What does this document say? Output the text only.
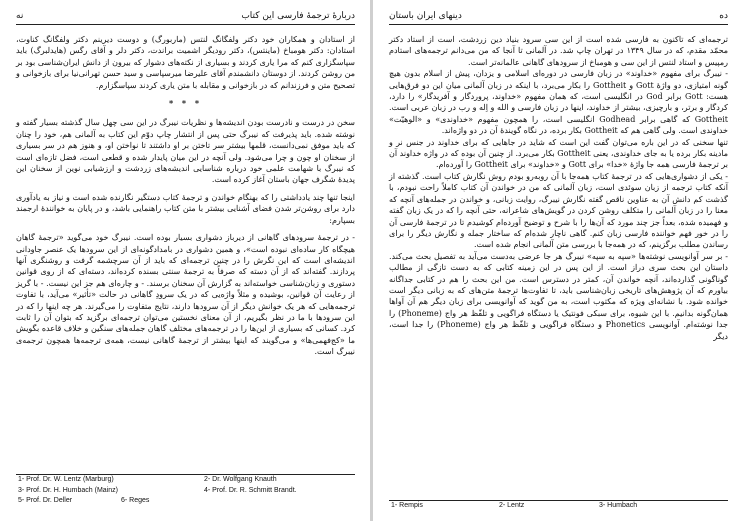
نه	دربارهٔ ترجمهٔ فارسی این کتاب

از استادان و همکاران خود دکتر ولفگانگ لنتس (ماربورگ) و دوست دیرینم دکتر ولفگانگ کناوت، استادان: دکتر هومباخ (ماینتس)، دکتر رودیگر اشمیت براندت، دکتر دلر و آقای رگس (هایدلبرگ) باید سپاسگزاری کنم که مرا یاری کردند و بسیاری از نکته‌های دشوار که بیرون از دانش ایران‌شناسی بود بر من روشن کردند. از دوستان دانشمندم آقای علیرضا میرسپاسی و سید حسن تهرانی‌نیا برای بازخوانی و تصحیح متن و فرزندانم که در بازخوانی و مقابله با متن یاری کردند سپاسگزارم.

* * *

سخن در درست و نادرست بودن اندیشه‌ها و نظریات نیبرگ در این سی چهل سال گذشته بسیار گفته و نوشته شده. باید پذیرفت که نیبرگ حتی پس از انتشار چاپ دوّم این کتاب به آلمانی هم، خود را چنان که باید موفق نمی‌دانست، قلمها بیشتر سر تاختن بر او داشتند تا نواختن او، و هنوز هم در سر بسیاری از سخنان او چون و چرا می‌شود. ولی آنچه در این میان پایدار شده و قطعی است، فضل تازه‌ای است که نیبرگ با شهامت علمی خود درباره شناسایی اندیشه‌های زردشت و ارزشیابی نوین از سخنان این پدیدهٔ شگرف جهان باستان آغاز کرده است.

اینجا تنها چند یادداشتی را که بهنگام خواندن و ترجمهٔ کتاب دستگیر نگارنده شده است و نیاز به یادآوری دارد برای روشن‌تر شدن فضای آشنایی بیشتر با متن کتاب راهنمایی باشد، و در پایان به خوانندهٔ ارجمند بسپارم:

- در ترجمهٔ سرودهای گاهانی از دیرباز دشواری بسیار بوده است. نیبرگ خود می‌گوید «ترجمهٔ گاهان هیچگاه کار ساده‌ای نبوده است»، و همین دشواری در بامدادگونه‌ای از این سرودها یک عنصر جاودانی اندیشه‌ای است که این نگرش را در چنین ترجمه‌ای که باید از آن سرچشمه گرفت و روشنگری آنها پردازند. گفته‌اند که از آن دسته که صرفاً به ترجمهٔ سنتی بسنده کرده‌اند، دسته‌ای که از روی قوانین دستوری و زبان‌شناسی خواسته‌اند به گزارش آن سخنان برسند. - و چاره‌ای هم جز این نیست. - با گریز از رعایت آن قوانین، بوشیده و مثلاً واژه‌یی که در یک سرودِ گاهانی در حالت «تأثیر» می‌آید، با تفاوت ترجمه‌هایی که هر یک خوانش دیگر از آن سرودها دارند، نتایج متفاوت را می‌گیرند. هر چه اینها را که در این سرودها با ما در نظر بگیریم، از آن معنای نخستین می‌توان ترجمه‌ای برگزید که بتوان آن را ثابت کرد. کسانی که بسیاری از این‌ها را در ترجمه‌های مختلف گاهان جمله‌های سنگین و خلاف قاعده بگویش ما «کج‌فهمی‌ها» و می‌گویند که اینها بیشتر از ترجمهٔ گاهانی نیست، همه‌ی ترجمه‌ها همچون ترجمه‌ی نیبرگ است.

1- Prof. Dr. W. Lentz (Marburg)	2- Dr. Wolfgang Knauth
3- Prof. Dr. H. Humbach (Mainz)	4- Prof. Dr. R. Schmitt Brandt.
5- Prof. Dr. Deller	6- Reges
دینهای ایران باستان	ده

ترجمه‌ای که تاکنون به فارسی شده است از این سی سرود بنیاد دین زردشت، است از استاد دکتر محمّد مقدم، که در سال ۱۳۴۹ در تهران چاپ شد. در آلمانی تا آنجا که من می‌دانم ترجمه‌های استادم رمپیس و استاد لنتس از این سی و هومباخ از سرودهای گاهانی عالمانه‌تر است.

- نیبرگ برای مفهوم «خداوند» در زبان فارسی در دوره‌ای اسلامی و یزدان، پیش از اسلام بدون هیچ گونه امتیازی، دو واژهٔ Gott و Gottheit را بکار می‌برد، با اینکه در زبان آلمانی میان این دو فرق‌هایی هست: Gott برابر God در انگلیسی است، که همان مفهوم «خداوند، پروردگار و آفریدگار» را دارد، کردگار و برتر، و بارچیزی، بیشتر از خداوند، اینها در زبان فارسی و الله و اِله و رب در زبان عربی است. Gottheit که گاهی برابر Godhead انگلیسی است، را همچون مفهوم «خداوندی» و «الوهیّت» خداوندی است. ولی گاهی هم که Gottheit بکار برده، در نگاه گویندهٔ آن در دو واژه‌اند.

تنها سخنی که در این باره می‌توان گفت این است که شاید در جاهایی که برای خداوند در جنس نر و مادینه بکار برده یا به جای خداوندی، یعنی Gottheit بکار می‌برد. از چنین آن بوده که در واژه خداوند آن بر ترجمهٔ فارسی همه جا واژهٔ «خدا» برای Gott و «خداوند» برای Gottheit را آورده‌ام.

- یکی از دشواری‌هایی که در ترجمهٔ کتاب همه‌جا با آن روبه‌رو بودم روش نگارش کتاب است. گذشته از آنکه کتاب ترجمه از زبان سوئدی است، زبان آلمانی که من در خواندن آن کتاب کاملاً راحت نبودم، با گذشت کم دانش آن به عناوین ناقص گفته نگارش نیبرگ، روایت زبانی، و خواندن در جمله‌های آنچه که معنا را در زبان آلمانی را متکلف روشن کردن در گویش‌های شاعرانه، حتی آنچه را که در یک زبان گفته و فهمیده شده، بعداً جز چند مورد که آن‌ها را با شرح و توضیح آورده‌ام کوشیدم تا در ترجمهٔ فارسی آن را در خور فهم خواننده فارسی زبان کنم. گاهی ناچار شده‌ام که ساختار جمله و نگارش دیگر را برای رساندن مطلب برگزینم، که در همه‌جا با بررسی متن آلمانی انجام شده است.

- بر سر آوانویسی نوشته‌ها «سپه به سپه» نیبرگ هر جا عرضی به‌دست می‌آید به تفصیل بحث می‌کند. داستان این بحث سری دراز است. از این پس در این زمینه کتابی که به دست تازگی از مطالب گوناگونی گذارده‌اند، آنچه خواندن آن، کمتر در دسترس است. من این بحث را هم در کتابی جداگانه بیاورم که آن پژوهش‌های تاریخی زبان‌شناسی باید، تا تفاوت‌ها ترجمهٔ متن‌های که به زبانی دیگر است خوانده شود. با نشانه‌ای ویژه که مکتوب است، به من گوید که آوانویسی برای زبان دیگر هم آن آواها همان‌گونه بدانیم. با این شیوه، برای سبکی فونتیک یا دستگاه فراگویی و تلفّظ هر واج (Phoneme) را جدا نوشته‌ام. آوانویسی Phonetics و دستگاه فراگویی و تلفّظ هر واج (Phoneme) را جدا است، دیگر

1- Rempis	2- Lentz	3- Humbach
